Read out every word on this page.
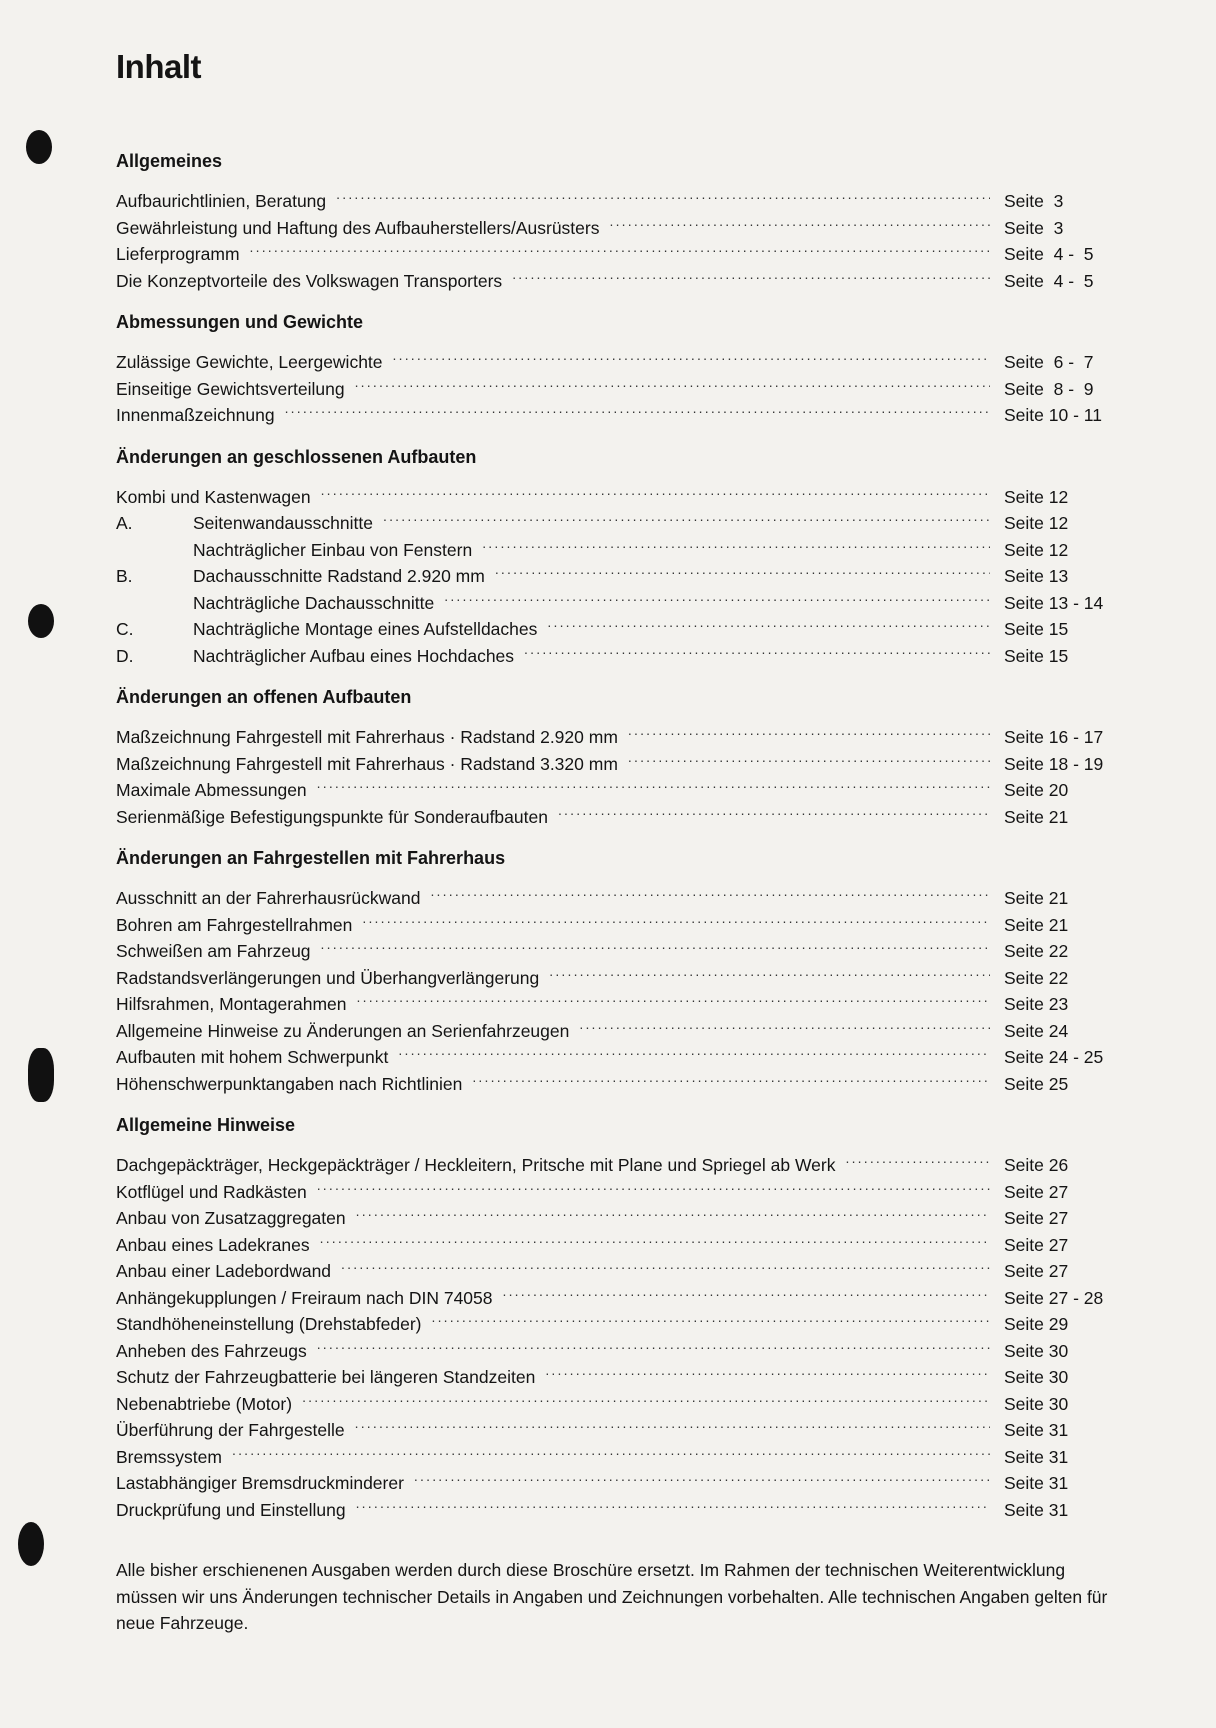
Inhalt
Allgemeines
Aufbaurichtlinien, Beratung .....	Seite  3
Gewährleistung und Haftung des Aufbauherstellers/Ausrüsters .....	Seite  3
Lieferprogramm .....	Seite  4 -  5
Die Konzeptvorteile des Volkswagen Transporters .....	Seite  4 -  5
Abmessungen und Gewichte
Zulässige Gewichte, Leergewichte .....	Seite  6 -  7
Einseitige Gewichtsverteilung .....	Seite  8 -  9
Innenmaßzeichnung .....	Seite 10 - 11
Änderungen an geschlossenen Aufbauten
Kombi und Kastenwagen .....	Seite 12
A.	Seitenwandausschnitte .....	Seite 12
Nachträglicher Einbau von Fenstern .....	Seite 12
B.	Dachausschnitte Radstand 2.920 mm .....	Seite 13
Nachträgliche Dachausschnitte .....	Seite 13 - 14
C.	Nachträgliche Montage eines Aufstelldaches .....	Seite 15
D.	Nachträglicher Aufbau eines Hochdaches .....	Seite 15
Änderungen an offenen Aufbauten
Maßzeichnung Fahrgestell mit Fahrerhaus · Radstand 2.920 mm .....	Seite 16 - 17
Maßzeichnung Fahrgestell mit Fahrerhaus · Radstand 3.320 mm .....	Seite 18 - 19
Maximale Abmessungen .....	Seite 20
Serienmäßige Befestigungspunkte für Sonderaufbauten .....	Seite 21
Änderungen an Fahrgestellen mit Fahrerhaus
Ausschnitt an der Fahrerhausrückwand .....	Seite 21
Bohren am Fahrgestellrahmen .....	Seite 21
Schweißen am Fahrzeug .....	Seite 22
Radstandsverlängerungen und Überhangverlängerung .....	Seite 22
Hilfsrahmen, Montagerahmen .....	Seite 23
Allgemeine Hinweise zu Änderungen an Serienfahrzeugen .....	Seite 24
Aufbauten mit hohem Schwerpunkt .....	Seite 24 - 25
Höhenschwerpunktangaben nach Richtlinien .....	Seite 25
Allgemeine Hinweise
Dachgepäckträger, Heckgepäckträger / Heckleitern, Pritsche mit Plane und Spriegel ab Werk .....	Seite 26
Kotflügel und Radkästen .....	Seite 27
Anbau von Zusatzaggregaten .....	Seite 27
Anbau eines Ladekranes .....	Seite 27
Anbau einer Ladebordwand .....	Seite 27
Anhängekupplungen / Freiraum nach DIN 74058 .....	Seite 27 - 28
Standhöheneinstellung (Drehstabfeder) .....	Seite 29
Anheben des Fahrzeugs .....	Seite 30
Schutz der Fahrzeugbatterie bei längeren Standzeiten .....	Seite 30
Nebenabtriebe (Motor) .....	Seite 30
Überführung der Fahrgestelle .....	Seite 31
Bremssystem .....	Seite 31
Lastabhängiger Bremsdruckminderer .....	Seite 31
Druckprüfung und Einstellung .....	Seite 31
Alle bisher erschienenen Ausgaben werden durch diese Broschüre ersetzt. Im Rahmen der technischen Weiterentwicklung müssen wir uns Änderungen technischer Details in Angaben und Zeichnungen vorbehalten. Alle technischen Angaben gelten für neue Fahrzeuge.
